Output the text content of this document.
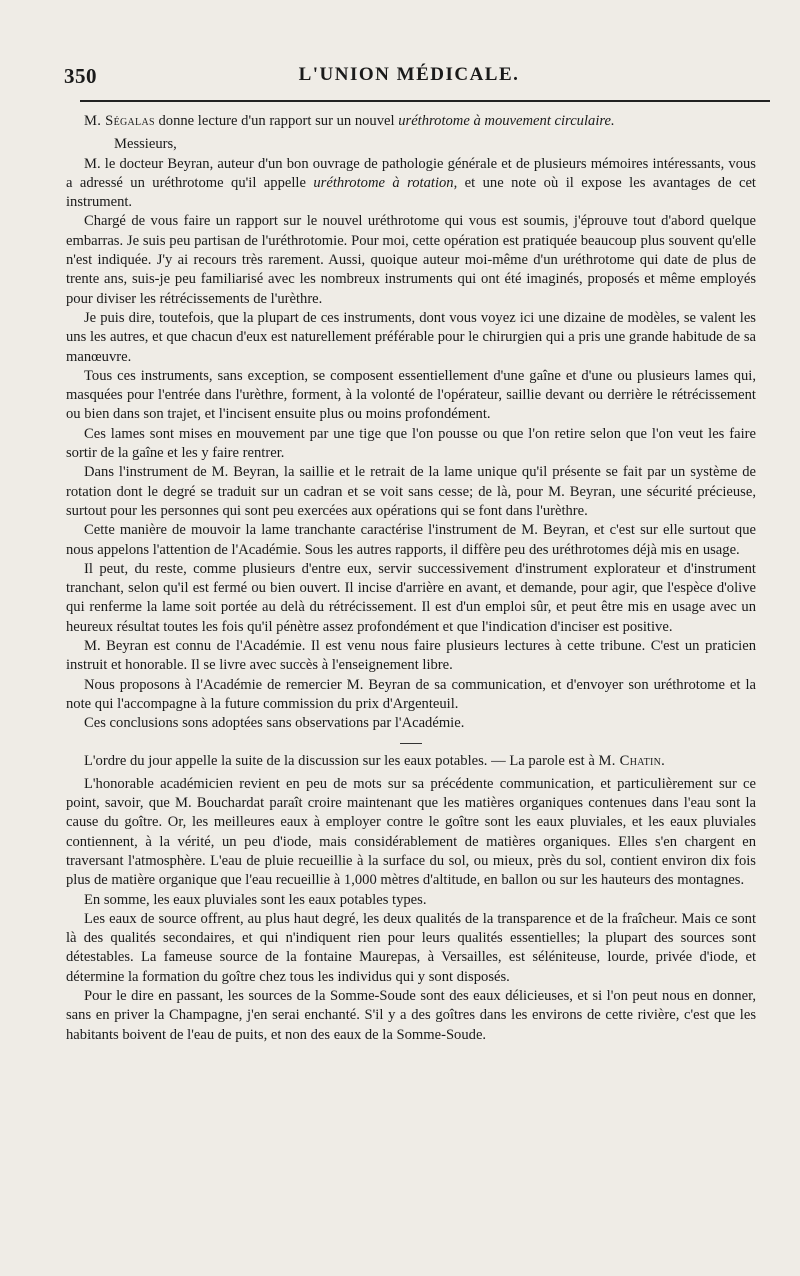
350	L'UNION MÉDICALE.

M. Ségalas donne lecture d'un rapport sur un nouvel uréthrotome à mouvement circulaire.

Messieurs,

M. le docteur Beyran, auteur d'un bon ouvrage de pathologie générale et de plusieurs mémoires intéressants, vous a adressé un uréthrotome qu'il appelle uréthrotome à rotation, et une note où il expose les avantages de cet instrument.

Chargé de vous faire un rapport sur le nouvel uréthrotome qui vous est soumis, j'éprouve tout d'abord quelque embarras. Je suis peu partisan de l'uréthrotomie. Pour moi, cette opération est pratiquée beaucoup plus souvent qu'elle n'est indiquée. J'y ai recours très rarement. Aussi, quoique auteur moi-même d'un uréthrotome qui date de plus de trente ans, suis-je peu familiarisé avec les nombreux instruments qui ont été imaginés, proposés et même employés pour diviser les rétrécissements de l'urèthre.

Je puis dire, toutefois, que la plupart de ces instruments, dont vous voyez ici une dizaine de modèles, se valent les uns les autres, et que chacun d'eux est naturellement préférable pour le chirurgien qui a pris une grande habitude de sa manœuvre.

Tous ces instruments, sans exception, se composent essentiellement d'une gaîne et d'une ou plusieurs lames qui, masquées pour l'entrée dans l'urèthre, forment, à la volonté de l'opérateur, saillie devant ou derrière le rétrécissement ou bien dans son trajet, et l'incisent ensuite plus ou moins profondément.

Ces lames sont mises en mouvement par une tige que l'on pousse ou que l'on retire selon que l'on veut les faire sortir de la gaîne et les y faire rentrer.

Dans l'instrument de M. Beyran, la saillie et le retrait de la lame unique qu'il présente se fait par un système de rotation dont le degré se traduit sur un cadran et se voit sans cesse; de là, pour M. Beyran, une sécurité précieuse, surtout pour les personnes qui sont peu exercées aux opérations qui se font dans l'urèthre.

Cette manière de mouvoir la lame tranchante caractérise l'instrument de M. Beyran, et c'est sur elle surtout que nous appelons l'attention de l'Académie. Sous les autres rapports, il diffère peu des uréthrotomes déjà mis en usage.

Il peut, du reste, comme plusieurs d'entre eux, servir successivement d'instrument explorateur et d'instrument tranchant, selon qu'il est fermé ou bien ouvert. Il incise d'arrière en avant, et demande, pour agir, que l'espèce d'olive qui renferme la lame soit portée au delà du rétrécissement. Il est d'un emploi sûr, et peut être mis en usage avec un heureux résultat toutes les fois qu'il pénètre assez profondément et que l'indication d'inciser est positive.

M. Beyran est connu de l'Académie. Il est venu nous faire plusieurs lectures à cette tribune. C'est un praticien instruit et honorable. Il se livre avec succès à l'enseignement libre.

Nous proposons à l'Académie de remercier M. Beyran de sa communication, et d'envoyer son uréthrotome et la note qui l'accompagne à la future commission du prix d'Argenteuil.

Ces conclusions sons adoptées sans observations par l'Académie.

L'ordre du jour appelle la suite de la discussion sur les eaux potables. — La parole est à M. Chatin.

L'honorable académicien revient en peu de mots sur sa précédente communication, et particulièrement sur ce point, savoir, que M. Bouchardat paraît croire maintenant que les matières organiques contenues dans l'eau sont la cause du goître. Or, les meilleures eaux à employer contre le goître sont les eaux pluviales, et les eaux pluviales contiennent, à la vérité, un peu d'iode, mais considérablement de matières organiques. Elles s'en chargent en traversant l'atmosphère. L'eau de pluie recueillie à la surface du sol, ou mieux, près du sol, contient environ dix fois plus de matière organique que l'eau recueillie à 1,000 mètres d'altitude, en ballon ou sur les hauteurs des montagnes.

En somme, les eaux pluviales sont les eaux potables types.

Les eaux de source offrent, au plus haut degré, les deux qualités de la transparence et de la fraîcheur. Mais ce sont là des qualités secondaires, et qui n'indiquent rien pour leurs qualités essentielles; la plupart des sources sont détestables. La fameuse source de la fontaine Maurepas, à Versailles, est séléniteuse, lourde, privée d'iode, et détermine la formation du goître chez tous les individus qui y sont disposés.

Pour le dire en passant, les sources de la Somme-Soude sont des eaux délicieuses, et si l'on peut nous en donner, sans en priver la Champagne, j'en serai enchanté. S'il y a des goîtres dans les environs de cette rivière, c'est que les habitants boivent de l'eau de puits, et non des eaux de la Somme-Soude.
